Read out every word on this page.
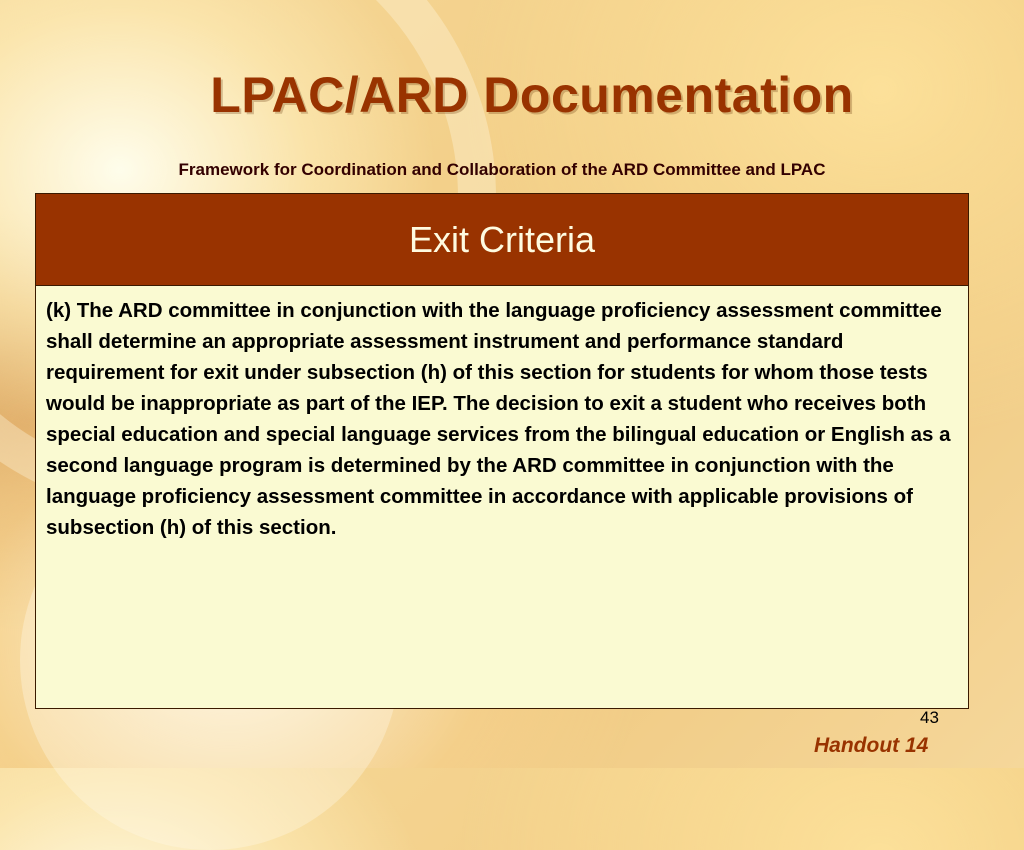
LPAC/ARD Documentation
Framework for Coordination and Collaboration of the ARD Committee and LPAC
Exit Criteria
(k) The ARD committee in conjunction with the language proficiency assessment committee shall determine an appropriate assessment instrument and performance standard requirement for exit under subsection (h) of this section for students for whom those tests would be inappropriate as part of the IEP. The decision to exit a student who receives both special education and special language services from the bilingual education or English as a second language program is determined by the ARD committee in conjunction with the language proficiency assessment committee in accordance with applicable provisions of subsection (h) of this section.
43
Handout 14
